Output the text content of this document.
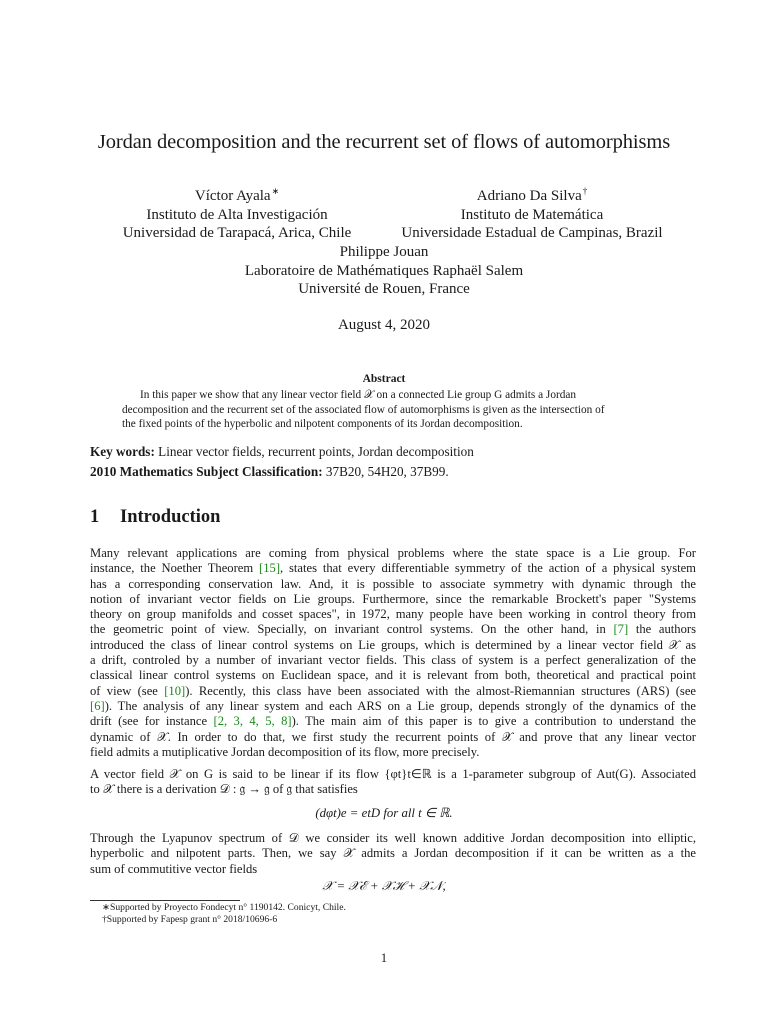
Jordan decomposition and the recurrent set of flows of automorphisms
Víctor Ayala∗
Instituto de Alta Investigación
Universidad de Tarapacá, Arica, Chile
Adriano Da Silva†
Instituto de Matemática
Universidade Estadual de Campinas, Brazil
Philippe Jouan
Laboratoire de Mathématiques Raphaël Salem
Université de Rouen, France
August 4, 2020
Abstract
In this paper we show that any linear vector field 𝒳 on a connected Lie group G admits a Jordan
decomposition and the recurrent set of the associated flow of automorphisms is given as the intersection of
the fixed points of the hyperbolic and nilpotent components of its Jordan decomposition.
Key words: Linear vector fields, recurrent points, Jordan decomposition
2010 Mathematics Subject Classification: 37B20, 54H20, 37B99.
1 Introduction
Many relevant applications are coming from physical problems where the state space is a Lie group. For
instance, the Noether Theorem [15], states that every differentiable symmetry of the action of a physical system
has a corresponding conservation law. And, it is possible to associate symmetry with dynamic through the
notion of invariant vector fields on Lie groups. Furthermore, since the remarkable Brockett's paper "Systems
theory on group manifolds and cosset spaces", in 1972, many people have been working in control theory from
the geometric point of view. Specially, on invariant control systems. On the other hand, in [7] the authors
introduced the class of linear control systems on Lie groups, which is determined by a linear vector field 𝒳 as
a drift, controled by a number of invariant vector fields. This class of system is a perfect generalization of the
classical linear control systems on Euclidean space, and it is relevant from both, theoretical and practical point
of view (see [10]). Recently, this class have been associated with the almost-Riemannian structures (ARS) (see
[6]). The analysis of any linear system and each ARS on a Lie group, depends strongly of the dynamics of the
drift (see for instance [2, 3, 4, 5, 8]). The main aim of this paper is to give a contribution to understand the
dynamic of 𝒳. In order to do that, we first study the recurrent points of 𝒳 and prove that any linear vector
field admits a mutiplicative Jordan decomposition of its flow, more precisely.
A vector field 𝒳 on G is said to be linear if its flow {φt}t∈ℝ is a 1-parameter subgroup of Aut(G). Associated
to 𝒳 there is a derivation 𝒟 : 𝔤 → 𝔤 of 𝔤 that satisfies
(dφt)e = etD for all t ∈ ℝ.
Through the Lyapunov spectrum of 𝒟 we consider its well known additive Jordan decomposition into elliptic,
hyperbolic and nilpotent parts. Then, we say 𝒳 admits a Jordan decomposition if it can be written as a the
sum of commutitive vector fields
𝒳 = 𝒳ℰ + 𝒳ℋ + 𝒳𝒩,
∗Supported by Proyecto Fondecyt n° 1190142. Conicyt, Chile.
†Supported by Fapesp grant n° 2018/10696-6
1
